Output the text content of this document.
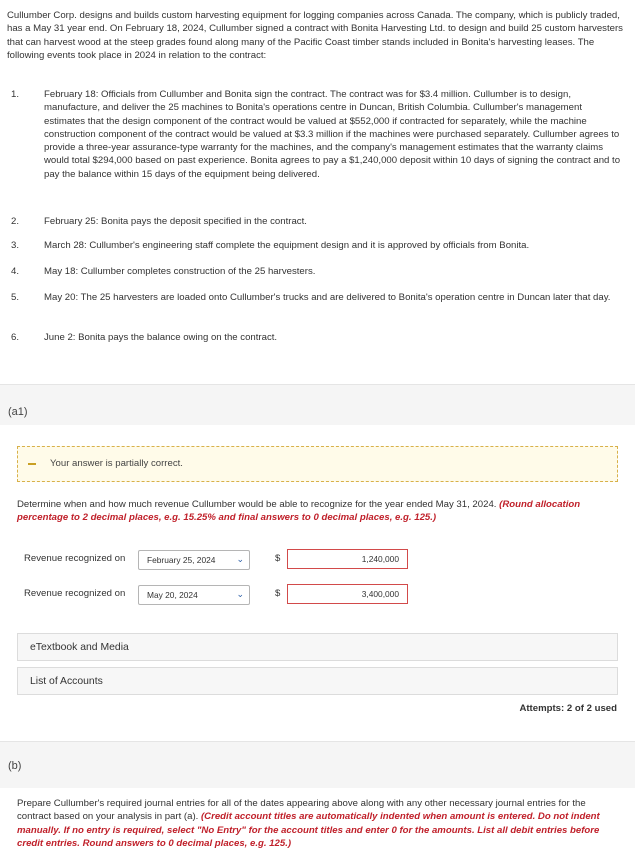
Cullumber Corp. designs and builds custom harvesting equipment for logging companies across Canada. The company, which is publicly traded, has a May 31 year end. On February 18, 2024, Cullumber signed a contract with Bonita Harvesting Ltd. to design and build 25 custom harvesters that can harvest wood at the steep grades found along many of the Pacific Coast timber stands included in Bonita's harvesting leases. The following events took place in 2024 in relation to the contract:
1.	February 18: Officials from Cullumber and Bonita sign the contract. The contract was for $3.4 million. Cullumber is to design, manufacture, and deliver the 25 machines to Bonita's operations centre in Duncan, British Columbia. Cullumber's management estimates that the design component of the contract would be valued at $552,000 if contracted for separately, while the machine construction component of the contract would be valued at $3.3 million if the machines were purchased separately. Cullumber agrees to provide a three-year assurance-type warranty for the machines, and the company's management estimates that the warranty claims would total $294,000 based on past experience. Bonita agrees to pay a $1,240,000 deposit within 10 days of signing the contract and to pay the balance within 15 days of the equipment being delivered.
2.	February 25: Bonita pays the deposit specified in the contract.
3.	March 28: Cullumber's engineering staff complete the equipment design and it is approved by officials from Bonita.
4.	May 18: Cullumber completes construction of the 25 harvesters.
5.	May 20: The 25 harvesters are loaded onto Cullumber's trucks and are delivered to Bonita's operation centre in Duncan later that day.
6.	June 2: Bonita pays the balance owing on the contract.
(a1)
Your answer is partially correct.
Determine when and how much revenue Cullumber would be able to recognize for the year ended May 31, 2024. (Round allocation percentage to 2 decimal places, e.g. 15.25% and final answers to 0 decimal places, e.g. 125.)
Revenue recognized on	February 25, 2024 ⌄	$	1,240,000
Revenue recognized on	May 20, 2024	⌄	$	3,400,000
eTextbook and Media
List of Accounts
Attempts: 2 of 2 used
(b)
Prepare Cullumber's required journal entries for all of the dates appearing above along with any other necessary journal entries for the contract based on your analysis in part (a). (Credit account titles are automatically indented when amount is entered. Do not indent manually. If no entry is required, select "No Entry" for the account titles and enter 0 for the amounts. List all debit entries before credit entries. Round answers to 0 decimal places, e.g. 125.)
